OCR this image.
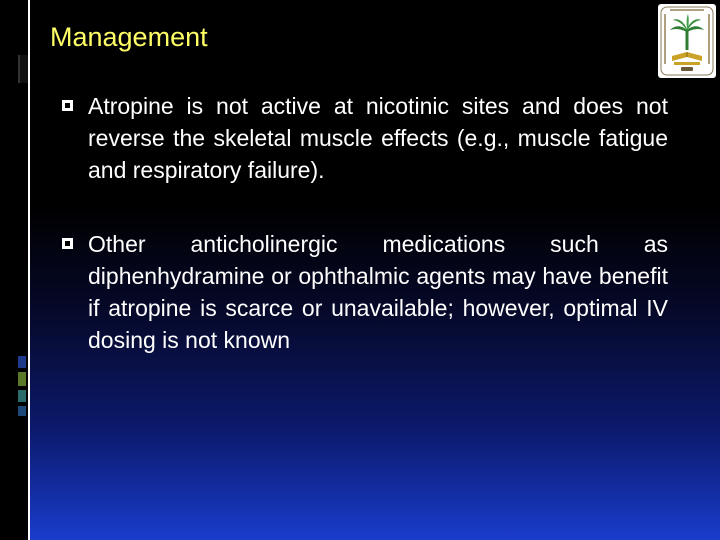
Management
Atropine is not active at nicotinic sites and does not reverse the skeletal muscle effects (e.g., muscle fatigue and respiratory failure).
Other anticholinergic medications such as diphenhydramine or ophthalmic agents may have benefit if atropine is scarce or unavailable; however, optimal IV dosing is not known
